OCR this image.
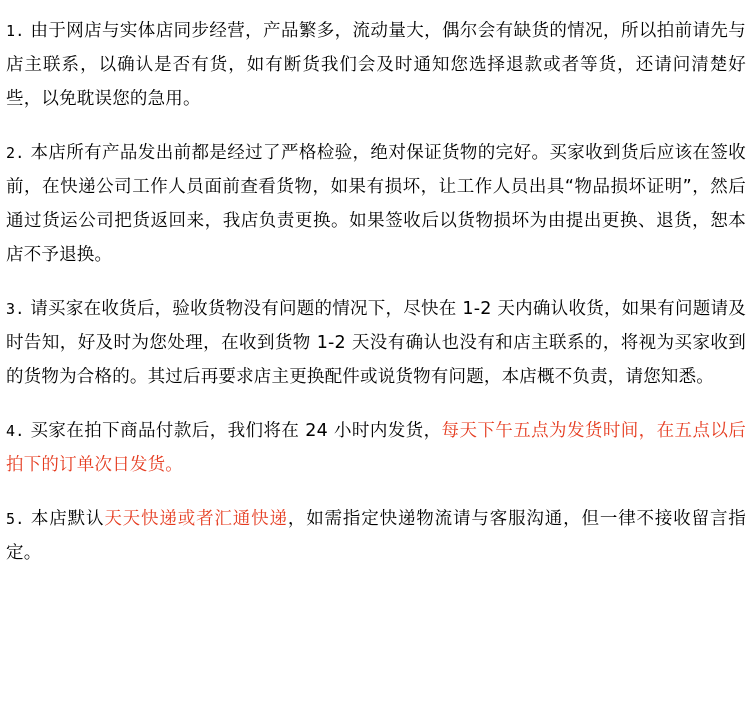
1. 由于网店与实体店同步经营，产品繁多，流动量大，偶尔会有缺货的情况，所以拍前请先与店主联系，以确认是否有货，如有断货我们会及时通知您选择退款或者等货，还请问清楚好些，以免耽误您的急用。

2. 本店所有产品发出前都是经过了严格检验，绝对保证货物的完好。买家收到货后应该在签收前，在快递公司工作人员面前查看货物，如果有损坏，让工作人员出具“物品损坏证明”，然后通过货运公司把货返回来，我店负责更换。如果签收后以货物损坏为由提出更换、退货，恕本店不予退换。

3. 请买家在收货后，验收货物没有问题的情况下，尽快在 1-2 天内确认收货，如果有问题请及时告知，好及时为您处理，在收到货物 1-2 天没有确认也没有和店主联系的，将视为买家收到的货物为合格的。其过后再要求店主更换配件或说货物有问题，本店概不负责，请您知悉。

4. 买家在拍下商品付款后，我们将在 24 小时内发货，每天下午五点为发货时间，在五点以后拍下的订单次日发货。

5. 本店默认天天快递或者汇通快递，如需指定快递物流请与客服沟通，但一律不接收留言指定。
